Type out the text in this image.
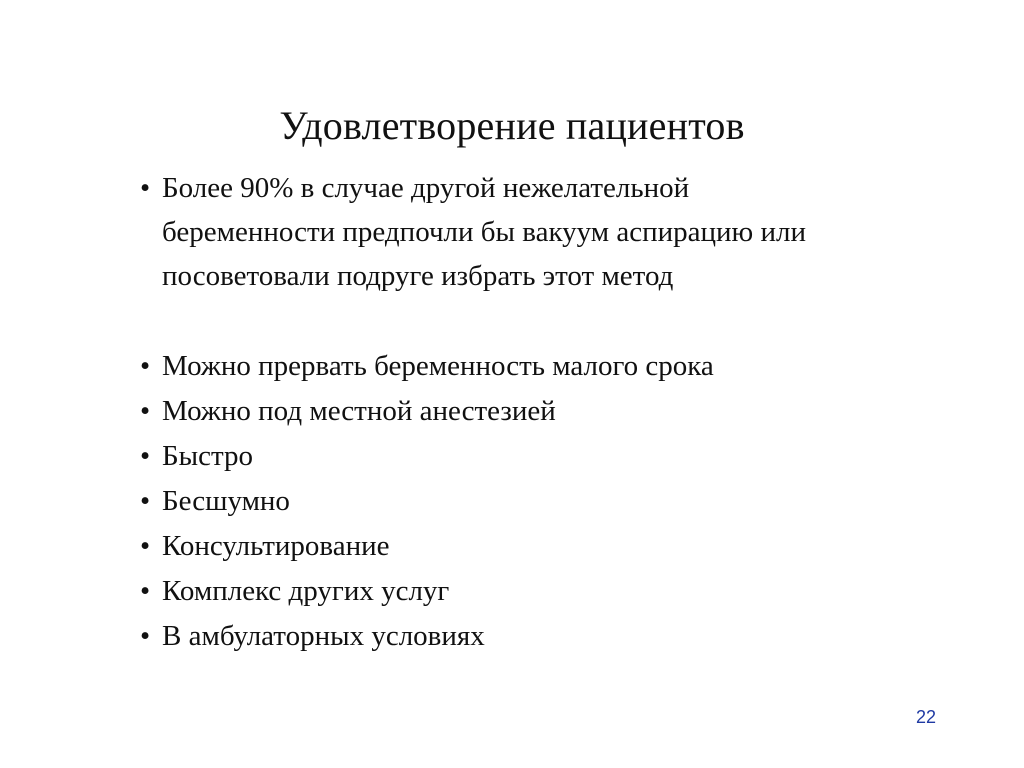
Удовлетворение пациентов
• Более 90% в случае другой нежелательной
беременности предпочли бы вакуум аспирацию или
посоветовали подруге избрать этот метод
• Можно прервать беременность малого срока
• Можно под местной анестезией
• Быстро
• Бесшумно
• Консультирование
• Комплекс других услуг
• В амбулаторных условиях
22
